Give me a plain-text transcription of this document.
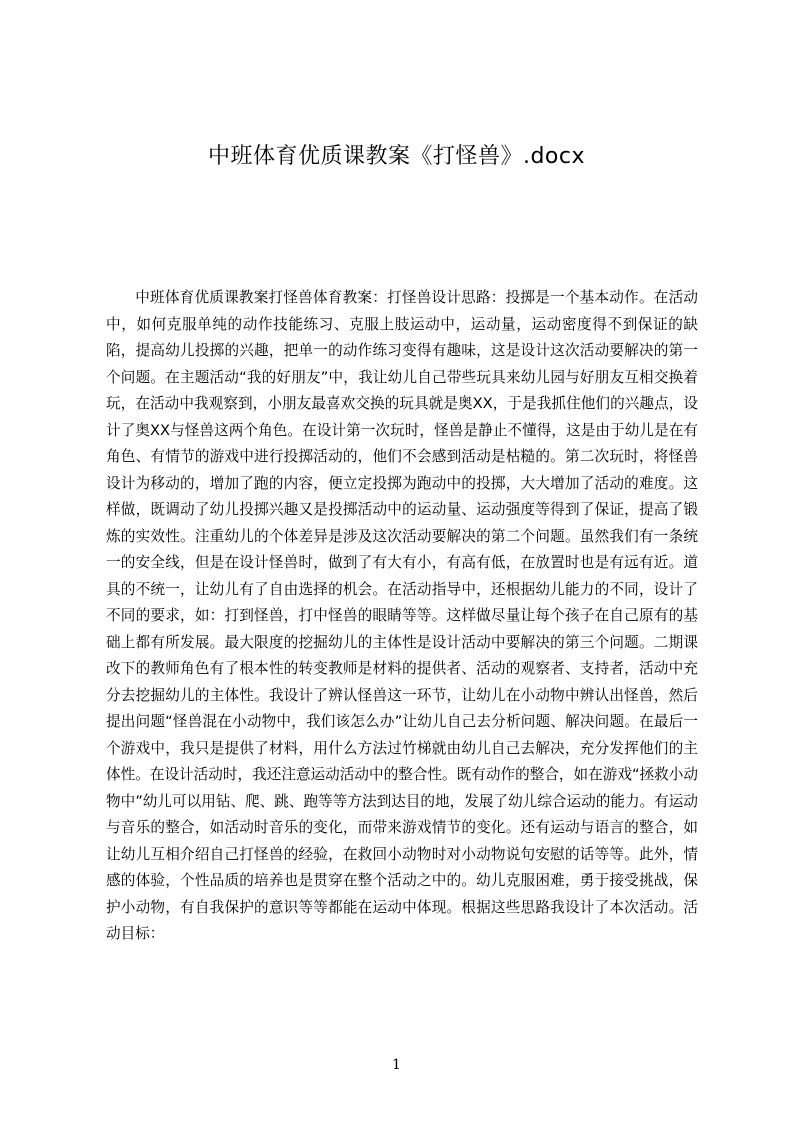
中班体育优质课教案《打怪兽》.docx

中班体育优质课教案打怪兽体育教案：打怪兽设计思路：投掷是一个基本动作。在活动中，如何克服单纯的动作技能练习、克服上肢运动中，运动量，运动密度得不到保证的缺陷，提高幼儿投掷的兴趣，把单一的动作练习变得有趣味，这是设计这次活动要解决的第一个问题。在主题活动“我的好朋友”中，我让幼儿自己带些玩具来幼儿园与好朋友互相交换着玩，在活动中我观察到，小朋友最喜欢交换的玩具就是奥XX，于是我抓住他们的兴趣点，设计了奥XX与怪兽这两个角色。在设计第一次玩时，怪兽是静止不懂得，这是由于幼儿是在有角色、有情节的游戏中进行投掷活动的，他们不会感到活动是枯糙的。第二次玩时，将怪兽设计为移动的，增加了跑的内容，便立定投掷为跑动中的投掷，大大增加了活动的难度。这样做，既调动了幼儿投掷兴趣又是投掷活动中的运动量、运动强度等得到了保证，提高了锻炼的实效性。注重幼儿的个体差异是涉及这次活动要解决的第二个问题。虽然我们有一条统一的安全线，但是在设计怪兽时，做到了有大有小，有高有低，在放置时也是有远有近。道具的不统一，让幼儿有了自由选择的机会。在活动指导中，还根据幼儿能力的不同，设计了不同的要求，如：打到怪兽，打中怪兽的眼睛等等。这样做尽量让每个孩子在自己原有的基础上都有所发展。最大限度的挖掘幼儿的主体性是设计活动中要解决的第三个问题。二期课改下的教师角色有了根本性的转变教师是材料的提供者、活动的观察者、支持者，活动中充分去挖掘幼儿的主体性。我设计了辨认怪兽这一环节，让幼儿在小动物中辨认出怪兽，然后提出问题“怪兽混在小动物中，我们该怎么办”让幼儿自己去分析问题、解决问题。在最后一个游戏中，我只是提供了材料，用什么方法过竹梯就由幼儿自己去解决，充分发挥他们的主体性。在设计活动时，我还注意运动活动中的整合性。既有动作的整合，如在游戏“拯救小动物中”幼儿可以用钻、爬、跳、跑等等方法到达目的地，发展了幼儿综合运动的能力。有运动与音乐的整合，如活动时音乐的变化，而带来游戏情节的变化。还有运动与语言的整合，如让幼儿互相介绍自己打怪兽的经验，在救回小动物时对小动物说句安慰的话等等。此外，情感的体验，个性品质的培养也是贯穿在整个活动之中的。幼儿克服困难，勇于接受挑战，保护小动物，有自我保护的意识等等都能在运动中体现。根据这些思路我设计了本次活动。活动目标：

1
